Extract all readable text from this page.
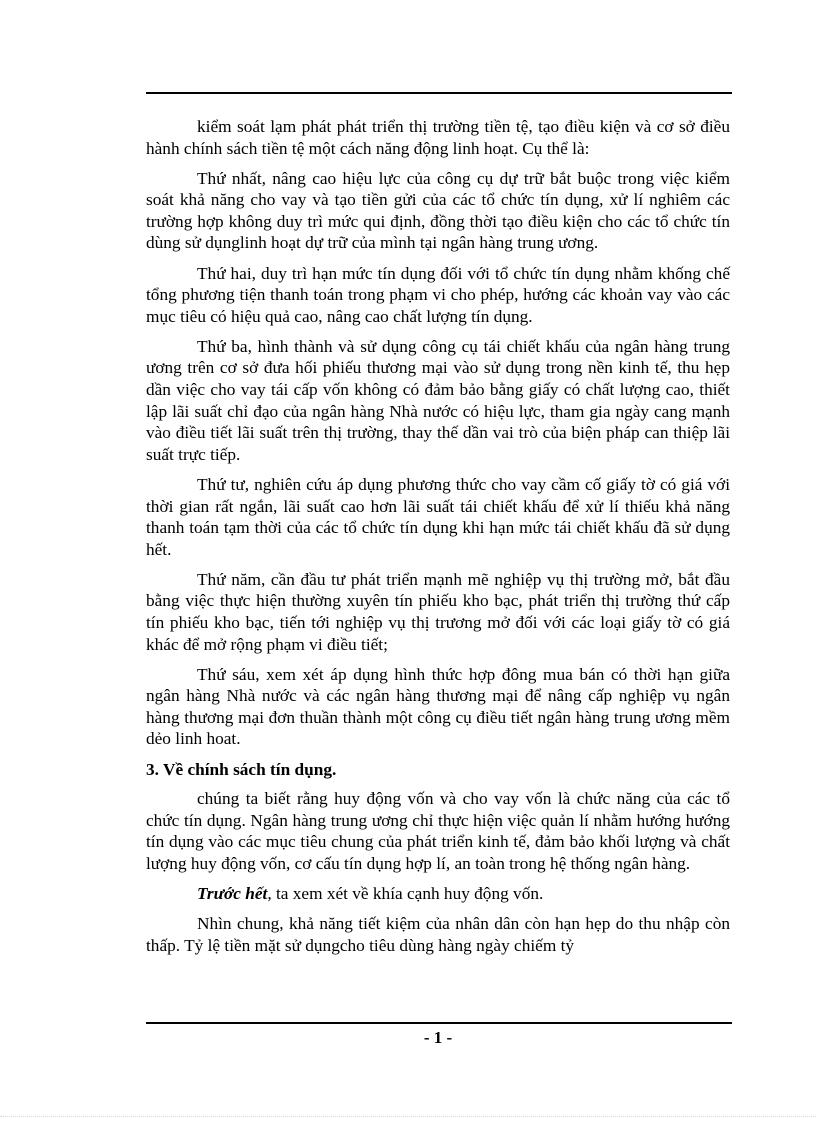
kiểm soát lạm phát phát triển thị trường tiền tệ, tạo điều kiện và cơ sở điều hành chính sách tiền tệ một cách năng động linh hoạt. Cụ thể là:

Thứ nhất, nâng cao hiệu lực của công cụ dự trữ bắt buộc trong việc kiểm soát khả năng cho vay và tạo tiền gửi của các tổ chức tín dụng, xử lí nghiêm các trường hợp không duy trì mức qui định, đồng thời tạo điều kiện cho các tổ chức tín dùng sử dụnglinh hoạt dự trữ của mình tại ngân hàng trung ương.

Thứ hai, duy trì hạn mức tín dụng đối với tổ chức tín dụng nhằm khống chế tổng phương tiện thanh toán trong phạm vi cho phép, hướng các khoản vay vào các mục tiêu có hiệu quả cao, nâng cao chất lượng tín dụng.

Thứ ba, hình thành và sử dụng công cụ tái chiết khấu của ngân hàng trung ương trên cơ sở đưa hối phiếu thương mại vào sử dụng trong nền kinh tế, thu hẹp dần việc cho vay tái cấp vốn không có đảm bảo bằng giấy có chất lượng cao, thiết lập lãi suất chỉ đạo của ngân hàng Nhà nước có hiệu lực, tham gia ngày cang mạnh vào điều tiết lãi suất trên thị trường, thay thế dần vai trò của biện pháp can thiệp lãi suất trực tiếp.

Thứ tư, nghiên cứu áp dụng phương thức cho vay cầm cố giấy tờ có giá với thời gian rất ngắn, lãi suất cao hơn lãi suất tái chiết khấu để xử lí thiếu khả năng thanh toán tạm thời của các tổ chức tín dụng khi hạn mức tái chiết khấu đã sử dụng hết.

Thứ năm, cần đầu tư phát triển mạnh mẽ nghiệp vụ thị trường mở, bắt đầu bằng việc thực hiện thường xuyên tín phiếu kho bạc, phát triển thị trường thứ cấp tín phiếu kho bạc, tiến tới nghiệp vụ thị trương mở đối với các loại giấy tờ có giá khác để mở rộng phạm vi điều tiết;

Thứ sáu, xem xét áp dụng hình thức hợp đông mua bán có thời hạn giữa ngân hàng Nhà nước và các ngân hàng thương mại để nâng cấp nghiệp vụ ngân hàng thương mại đơn thuần thành một công cụ điều tiết ngân hàng trung ương mềm dẻo linh hoat.

3. Về chính sách tín dụng.

chúng ta biết rằng huy động vốn và cho vay vốn là chức năng của các tổ chức tín dụng. Ngân hàng trung ương chỉ thực hiện việc quản lí nhằm hướng hướng tín dụng vào các mục tiêu chung của phát triển kinh tế, đảm bảo khối lượng và chất lượng huy động vốn, cơ cấu tín dụng hợp lí, an toàn trong hệ thống ngân hàng.

Trước hết, ta xem xét về khía cạnh huy động vốn.

Nhìn chung, khả năng tiết kiệm của nhân dân còn hạn hẹp do thu nhập còn thấp. Tỷ lệ tiền mặt sử dụngcho tiêu dùng hàng ngày chiếm tỷ

- 1 -
